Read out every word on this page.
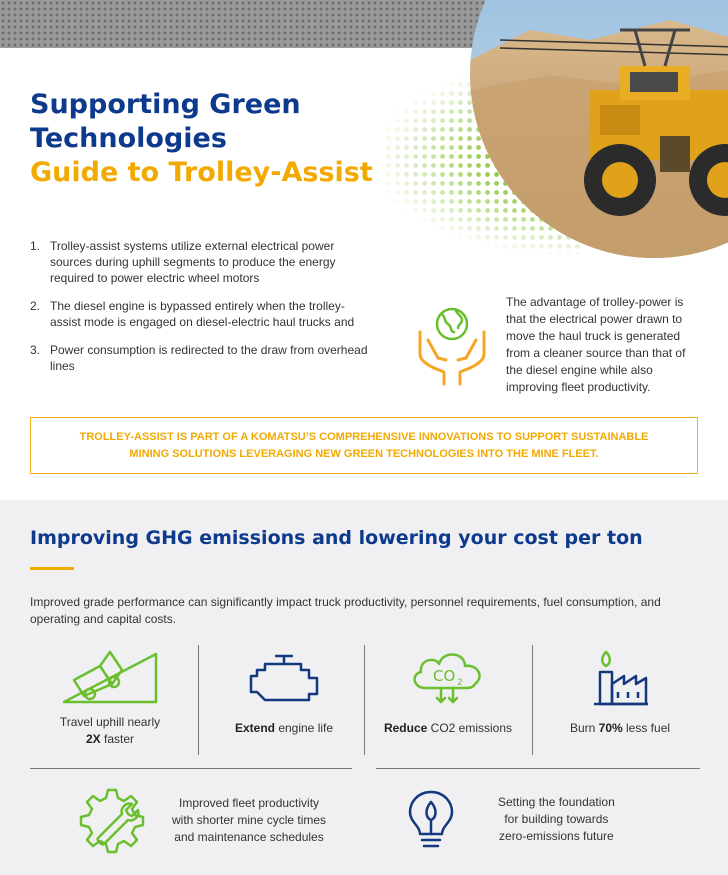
Supporting Green
Technologies
Guide to Trolley-Assist
1. Trolley-assist systems utilize external electrical power sources during uphill segments to produce the energy required to power electric wheel motors
2. The diesel engine is bypassed entirely when the trolley-assist mode is engaged on diesel-electric haul trucks and
3. Power consumption is redirected to the draw from overhead lines

The advantage of trolley-power is that the electrical power drawn to move the haul truck is generated from a cleaner source than that of the diesel engine while also improving fleet productivity.

TROLLEY-ASSIST IS PART OF A KOMATSU’S COMPREHENSIVE INNOVATIONS TO SUPPORT SUSTAINABLE MINING SOLUTIONS LEVERAGING NEW GREEN TECHNOLOGIES INTO THE MINE FLEET.
Improving GHG emissions and lowering your cost per ton

Improved grade performance can significantly impact truck productivity, personnel requirements, fuel consumption, and operating and capital costs.

Travel uphill nearly
2X faster
Extend engine life
CO 2
Reduce CO2 emissions	Burn 70% less fuel
Improved fleet productivity
with shorter mine cycle times
and maintenance schedules
Setting the foundation
for building towards
zero-emissions future
